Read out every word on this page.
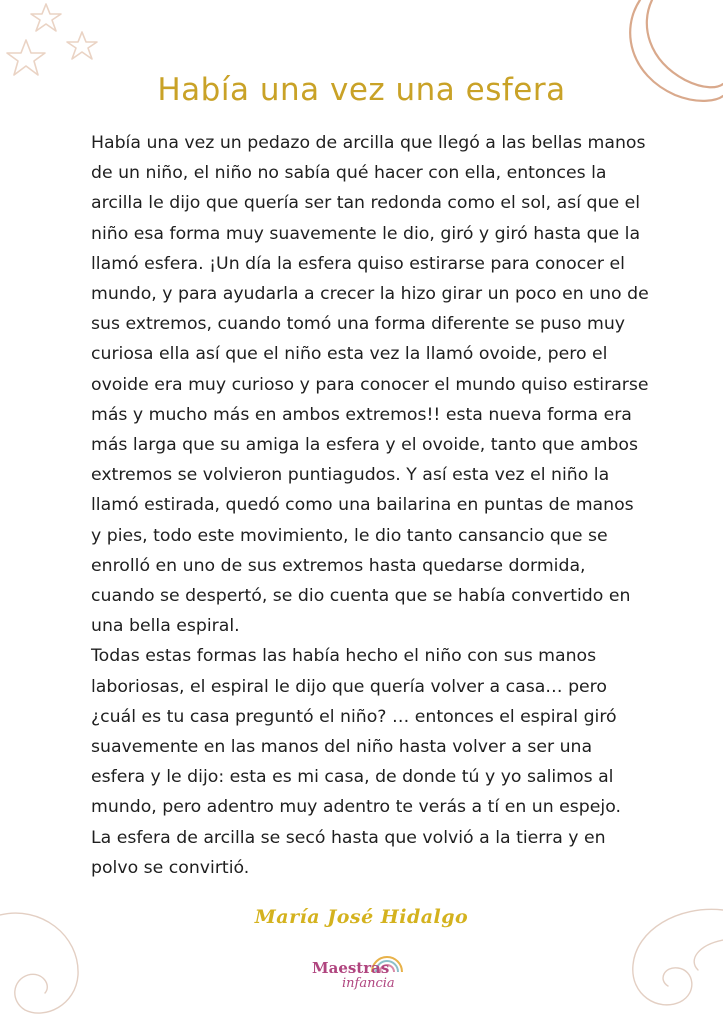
Había una vez una esfera
Había una vez un pedazo de arcilla que llegó a las bellas manos
de un niño, el niño no sabía qué hacer con ella, entonces la
arcilla le dijo que quería ser tan redonda como el sol, así que el
niño esa forma muy suavemente le dio, giró y giró hasta que la
llamó esfera. ¡Un día la esfera quiso estirarse para conocer el
mundo, y para ayudarla a crecer la hizo girar un poco en uno de
sus extremos, cuando tomó una forma diferente se puso muy
curiosa ella así que el niño esta vez la llamó ovoide, pero el
ovoide era muy curioso y para conocer el mundo quiso estirarse
más y mucho más en ambos extremos!! esta nueva forma era
más larga que su amiga la esfera y el ovoide, tanto que ambos
extremos se volvieron puntiagudos. Y así esta vez el niño la
llamó estirada, quedó como una bailarina en puntas de manos
y pies, todo este movimiento, le dio tanto cansancio que se
enrolló en uno de sus extremos hasta quedarse dormida,
cuando se despertó, se dio cuenta que se había convertido en
una bella espiral.
Todas estas formas las había hecho el niño con sus manos
laboriosas, el espiral le dijo que quería volver a casa… pero
¿cuál es tu casa preguntó el niño? … entonces el espiral giró
suavemente en las manos del niño hasta volver a ser una
esfera y le dijo: esta es mi casa, de donde tú y yo salimos al
mundo, pero adentro muy adentro te verás a tí en un espejo.
La esfera de arcilla se secó hasta que volvió a la tierra y en
polvo se convirtió.
María José Hidalgo
Maestras
infancia
